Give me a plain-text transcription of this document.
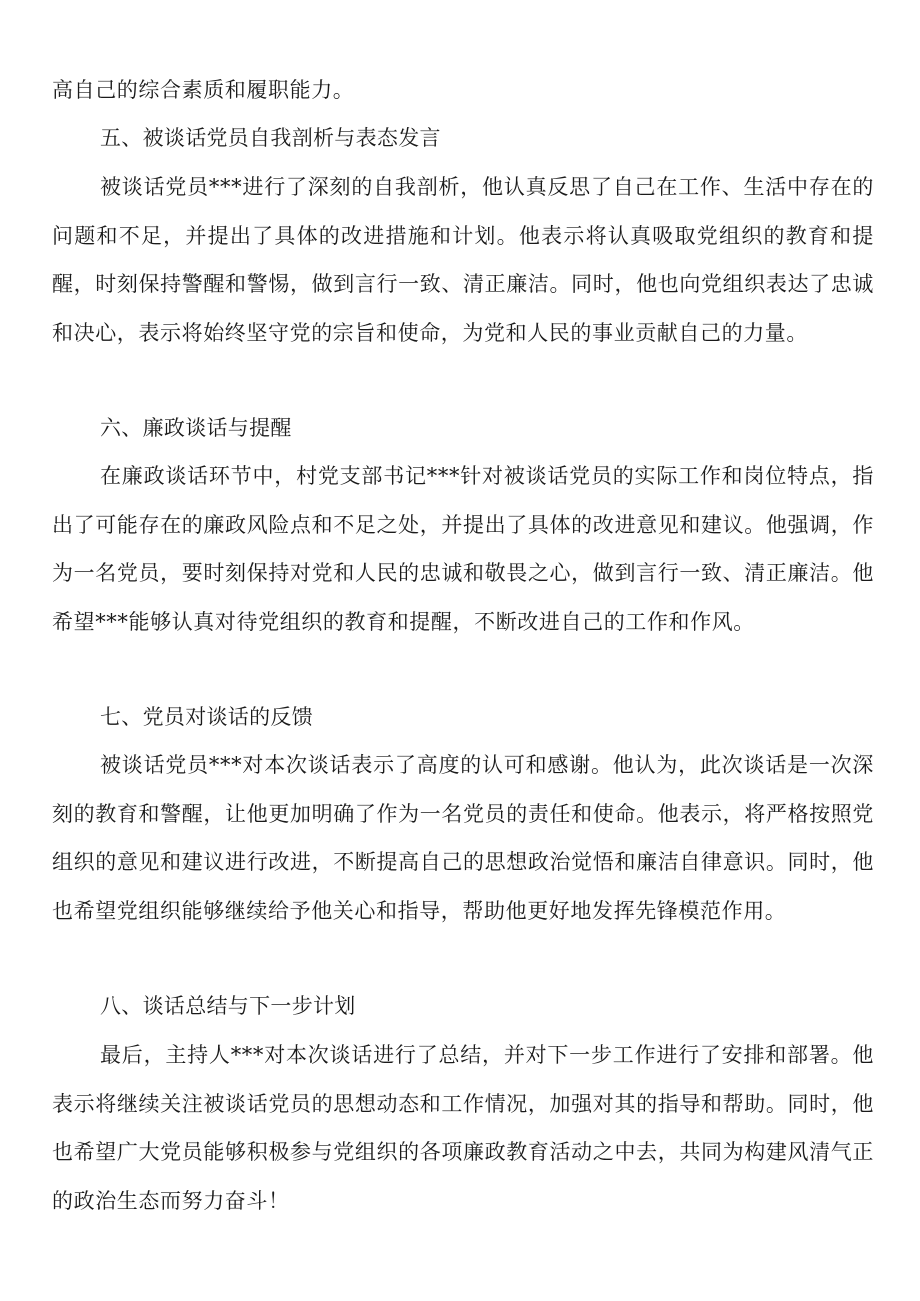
高自己的综合素质和履职能力。

五、被谈话党员自我剖析与表态发言

被谈话党员***进行了深刻的自我剖析，他认真反思了自己在工作、生活中存在的问题和不足，并提出了具体的改进措施和计划。他表示将认真吸取党组织的教育和提醒，时刻保持警醒和警惕，做到言行一致、清正廉洁。同时，他也向党组织表达了忠诚和决心，表示将始终坚守党的宗旨和使命，为党和人民的事业贡献自己的力量。

六、廉政谈话与提醒

在廉政谈话环节中，村党支部书记***针对被谈话党员的实际工作和岗位特点，指出了可能存在的廉政风险点和不足之处，并提出了具体的改进意见和建议。他强调，作为一名党员，要时刻保持对党和人民的忠诚和敬畏之心，做到言行一致、清正廉洁。他希望***能够认真对待党组织的教育和提醒，不断改进自己的工作和作风。

七、党员对谈话的反馈

被谈话党员***对本次谈话表示了高度的认可和感谢。他认为，此次谈话是一次深刻的教育和警醒，让他更加明确了作为一名党员的责任和使命。他表示，将严格按照党组织的意见和建议进行改进，不断提高自己的思想政治觉悟和廉洁自律意识。同时，他也希望党组织能够继续给予他关心和指导，帮助他更好地发挥先锋模范作用。

八、谈话总结与下一步计划

最后，主持人***对本次谈话进行了总结，并对下一步工作进行了安排和部署。他表示将继续关注被谈话党员的思想动态和工作情况，加强对其的指导和帮助。同时，他也希望广大党员能够积极参与党组织的各项廉政教育活动之中去，共同为构建风清气正的政治生态而努力奋斗！
